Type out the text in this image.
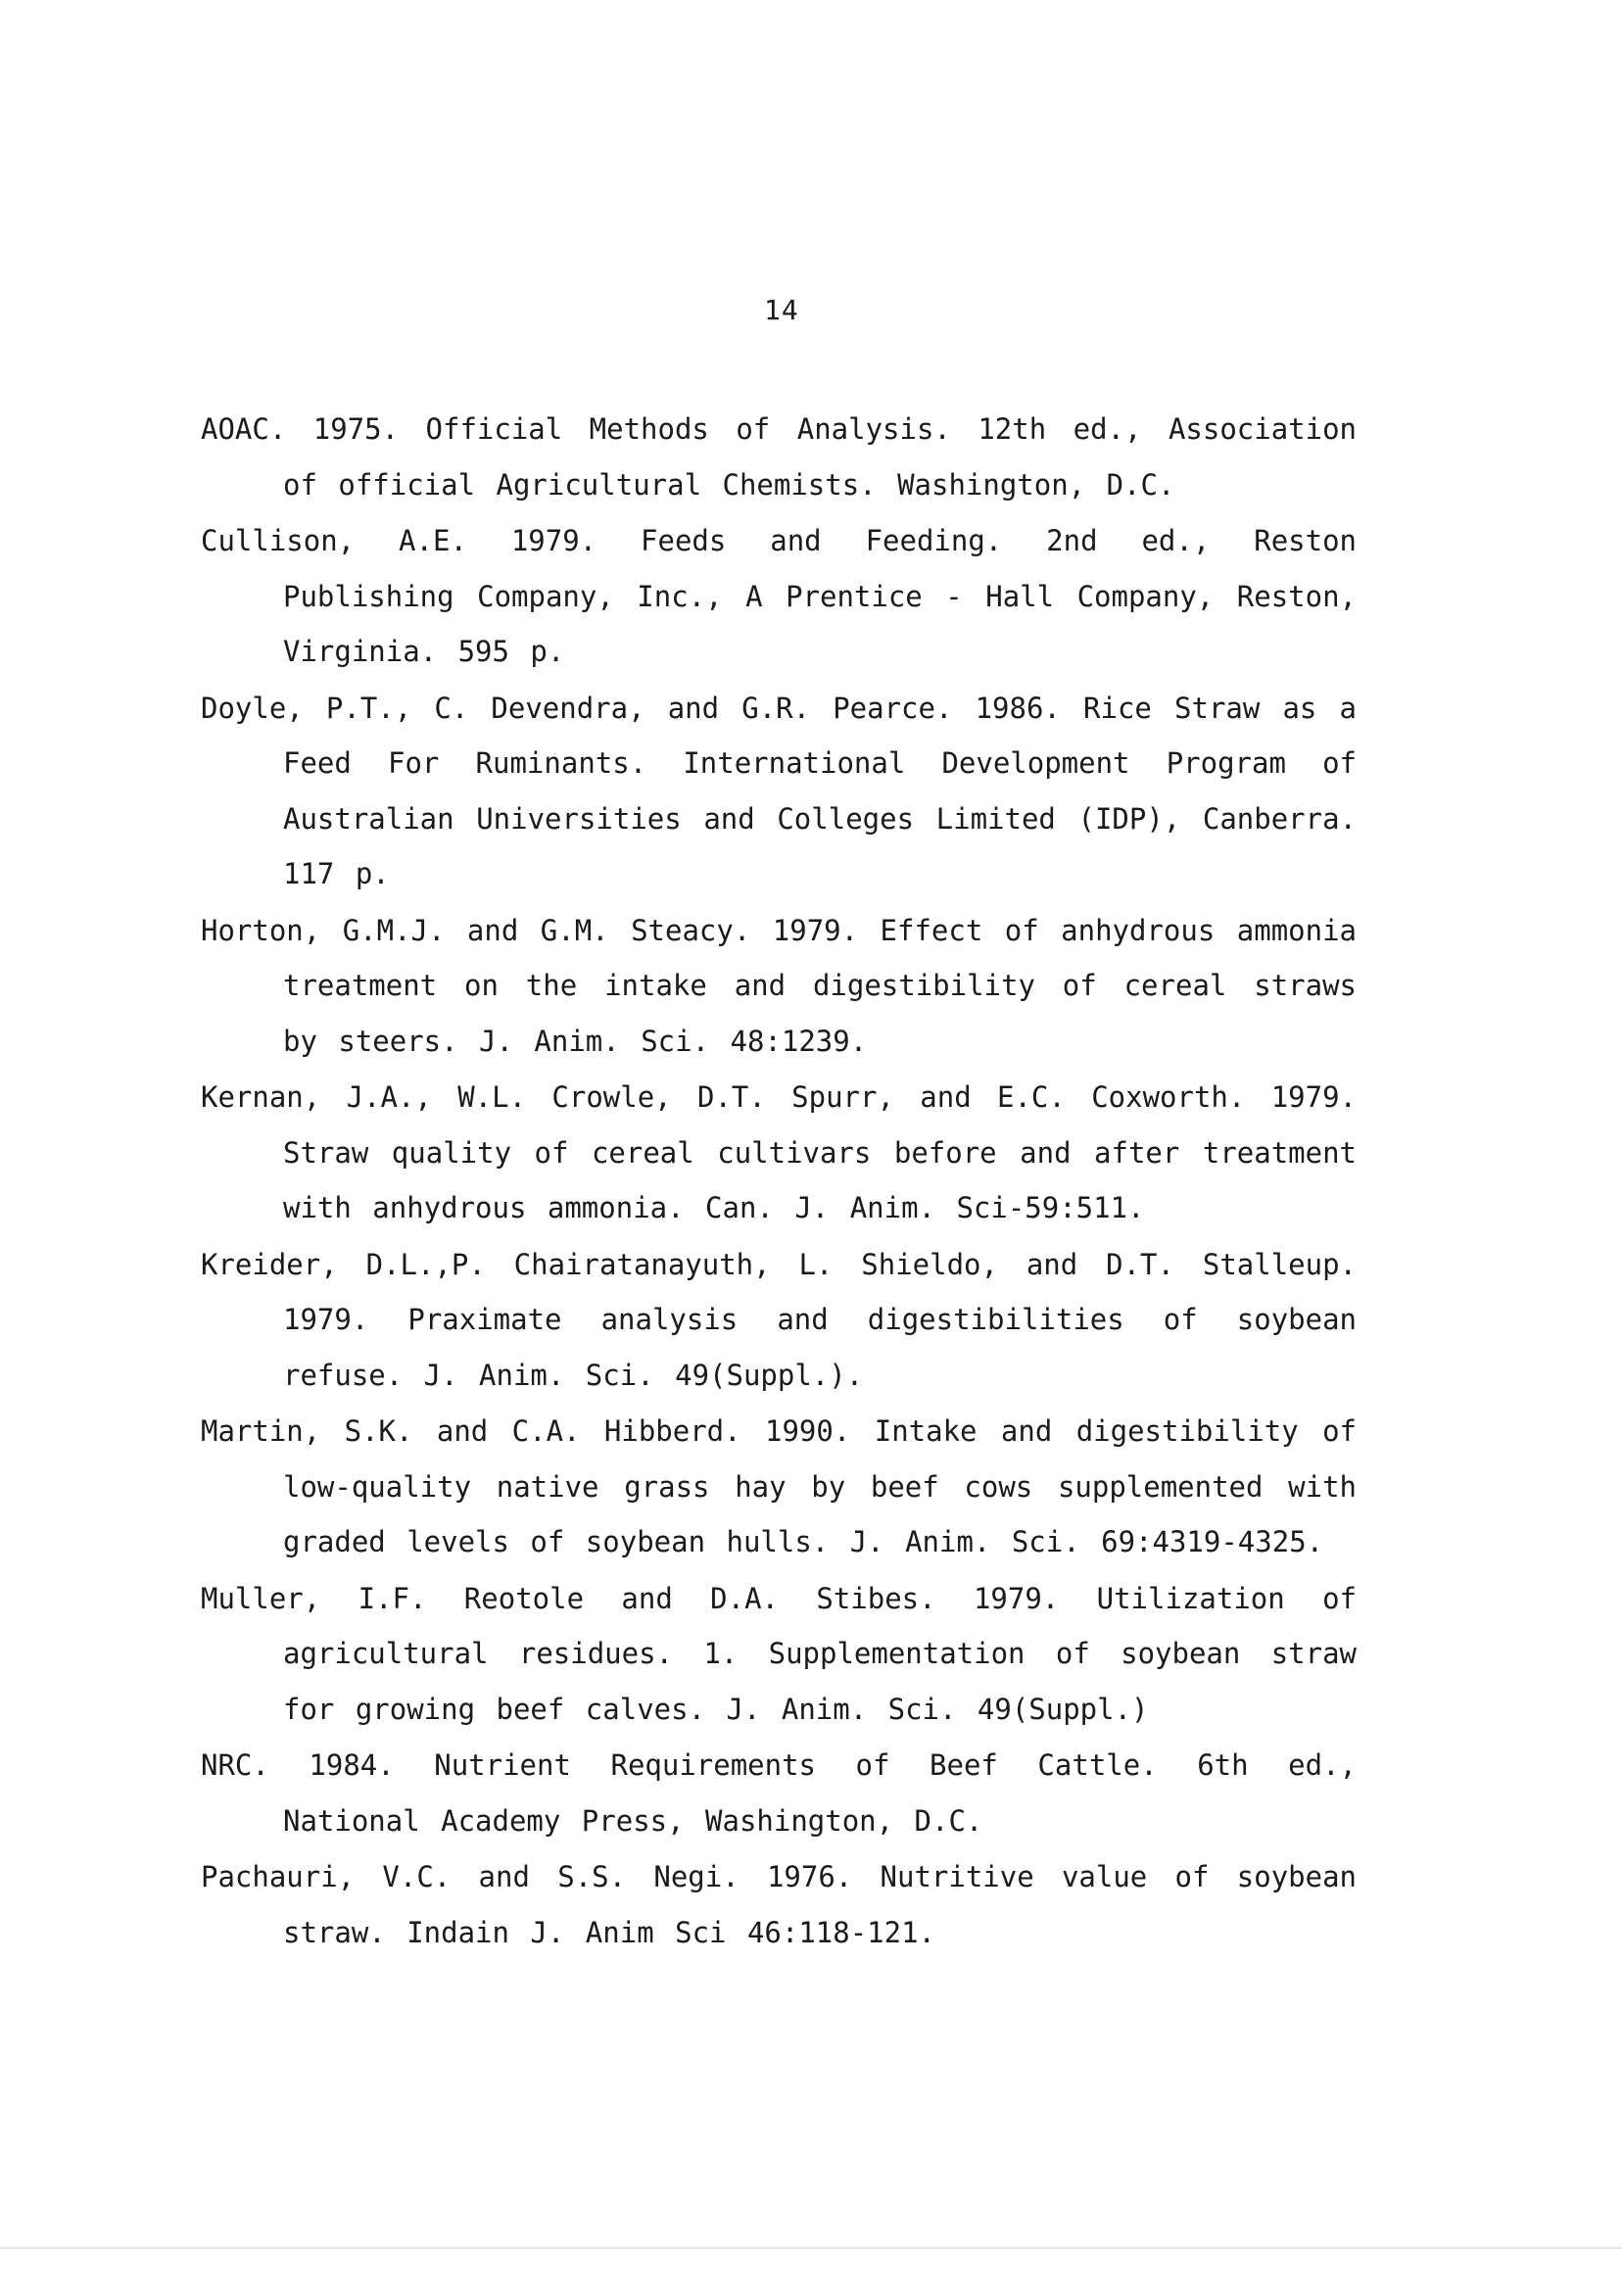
14

AOAC. 1975. Official Methods of Analysis. 12th ed., Association of official Agricultural Chemists. Washington, D.C.

Cullison, A.E. 1979. Feeds and Feeding. 2nd ed., Reston Publishing Company, Inc., A Prentice - Hall Company, Reston, Virginia. 595 p.

Doyle, P.T., C. Devendra, and G.R. Pearce. 1986. Rice Straw as a Feed For Ruminants. International Development Program of Australian Universities and Colleges Limited (IDP), Canberra. 117 p.

Horton, G.M.J. and G.M. Steacy. 1979. Effect of anhydrous ammonia treatment on the intake and digestibility of cereal straws by steers. J. Anim. Sci. 48:1239.

Kernan, J.A., W.L. Crowle, D.T. Spurr, and E.C. Coxworth. 1979. Straw quality of cereal cultivars before and after treatment with anhydrous ammonia. Can. J. Anim. Sci-59:511.

Kreider, D.L.,P. Chairatanayuth, L. Shieldo, and D.T. Stalleup. 1979. Praximate analysis and digestibilities of soybean refuse. J. Anim. Sci. 49(Suppl.).

Martin, S.K. and C.A. Hibberd. 1990. Intake and digestibility of low-quality native grass hay by beef cows supplemented with graded levels of soybean hulls. J. Anim. Sci. 69:4319-4325.

Muller, I.F. Reotole and D.A. Stibes. 1979. Utilization of agricultural residues. 1. Supplementation of soybean straw for growing beef calves. J. Anim. Sci. 49(Suppl.)

NRC. 1984. Nutrient Requirements of Beef Cattle. 6th ed., National Academy Press, Washington, D.C.

Pachauri, V.C. and S.S. Negi. 1976. Nutritive value of soybean straw. Indain J. Anim Sci 46:118-121.
